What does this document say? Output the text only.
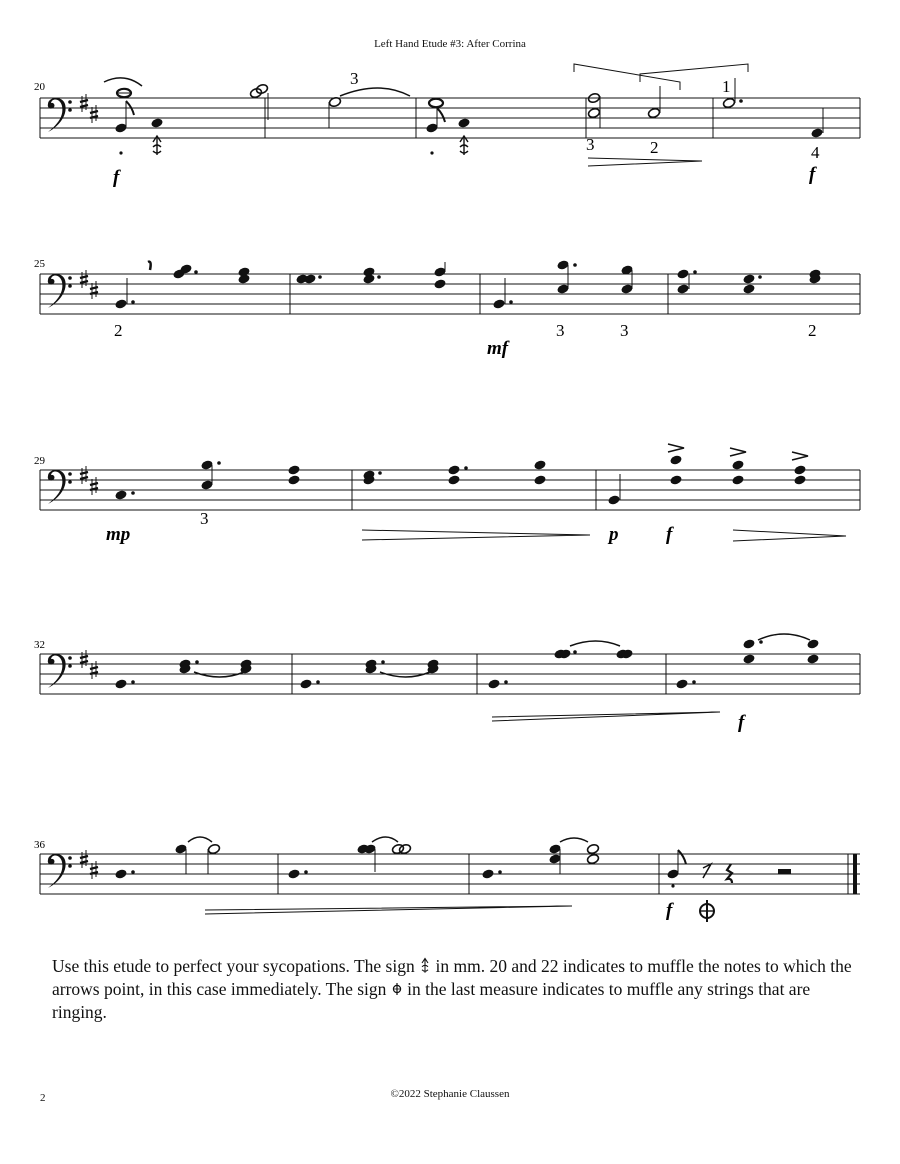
Left Hand Etude #3: After Corrina
20
f
3
3	2
1
4
f
25
2
mf
3	3	2
29
3
mp	p	f
32
f
36
f
Use this etude to perfect your sycopations. The sign in mm. 20 and 22 indicates to muffle the notes to which the arrows point, in this case immediately. The sign in the last measure indicates to muffle any strings that are ringing.
2	©2022 Stephanie Claussen
